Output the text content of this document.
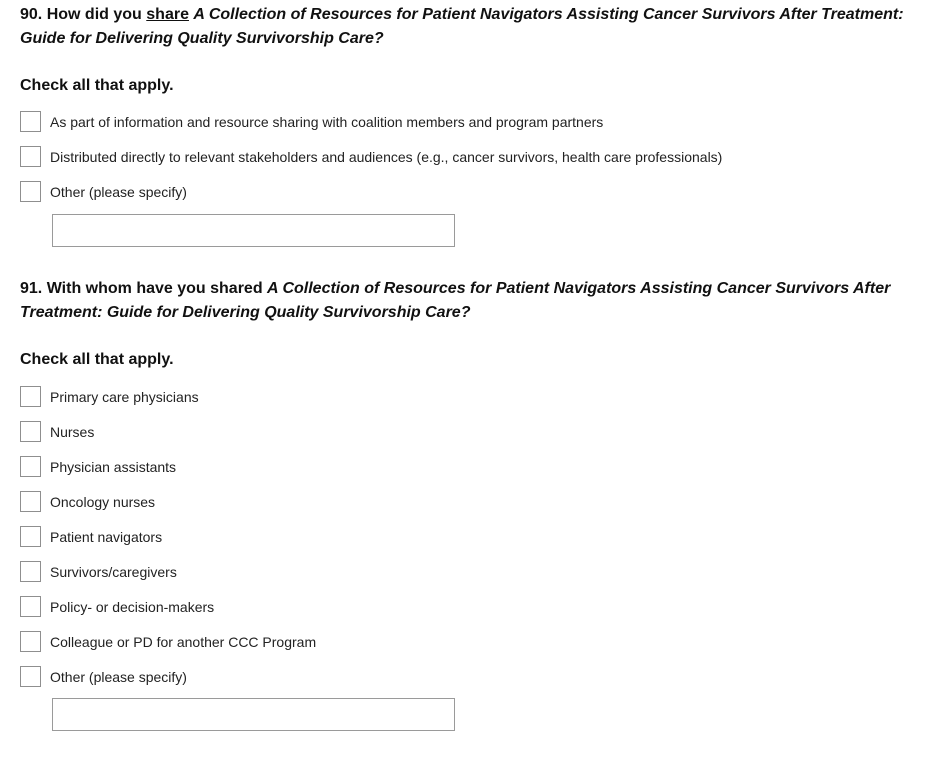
90. How did you share A Collection of Resources for Patient Navigators Assisting Cancer Survivors After Treatment: Guide for Delivering Quality Survivorship Care?

Check all that apply.

As part of information and resource sharing with coalition members and program partners
Distributed directly to relevant stakeholders and audiences (e.g., cancer survivors, health care professionals)
Other (please specify)

91. With whom have you shared A Collection of Resources for Patient Navigators Assisting Cancer Survivors After Treatment: Guide for Delivering Quality Survivorship Care?

Check all that apply.

Primary care physicians
Nurses
Physician assistants
Oncology nurses
Patient navigators
Survivors/caregivers
Policy- or decision-makers
Colleague or PD for another CCC Program
Other (please specify)
